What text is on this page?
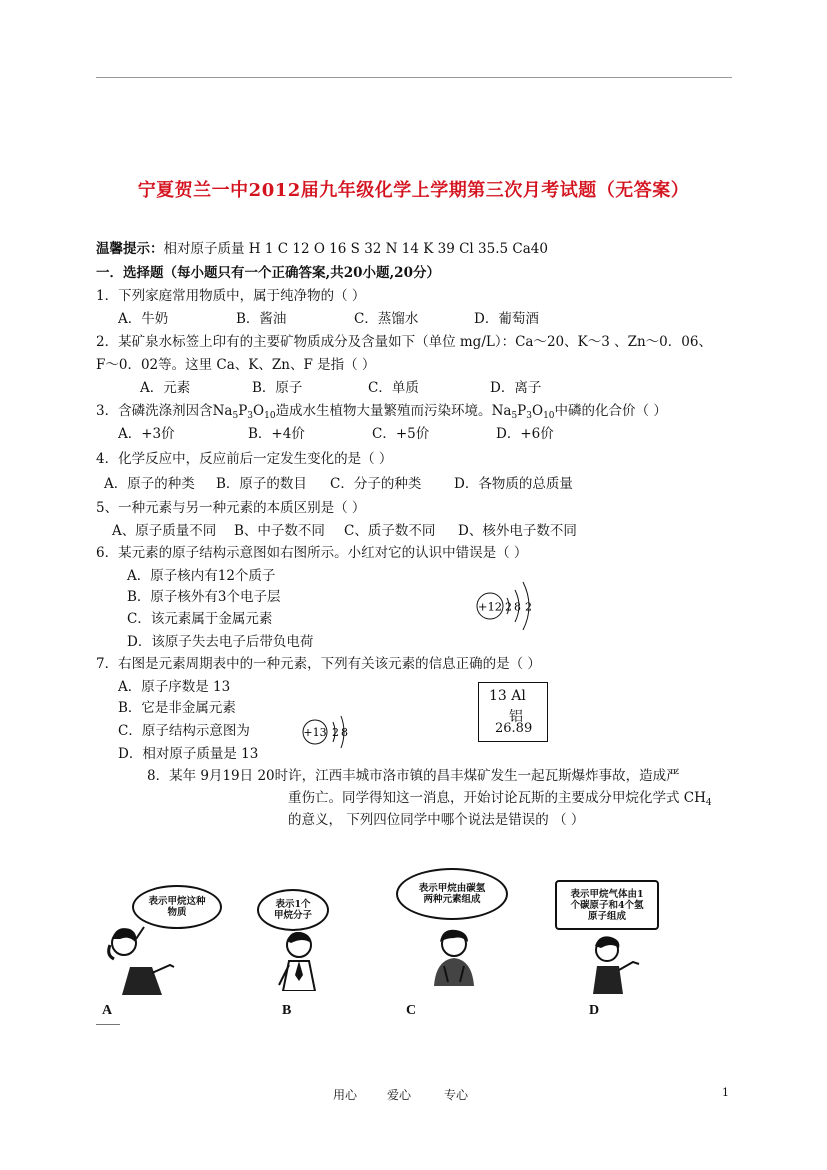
宁夏贺兰一中2012届九年级化学上学期第三次月考试题（无答案）
温馨提示：相对原子质量 H 1 C 12 O 16 S 32 N 14 K 39 Cl 35.5 Ca40
一．选择题（每小题只有一个正确答案,共20小题,20分）
1．下列家庭常用物质中，属于纯净物的（ ）
A．牛奶	B．酱油	C．蒸馏水	D．葡萄酒
2．某矿泉水标签上印有的主要矿物质成分及含量如下（单位 mg/L）：Ca～20、K～3 、Zn～0．06、
F～0．02等。这里 Ca、K、Zn、F 是指（ ）
A．元素	B．原子	C．单质	D．离子
3．含磷洗涤剂因含$Na_5P_3O_{10}$造成水生植物大量繁殖而污染环境。$Na_5P_3O_{10}$中磷的化合价（ ）
A．+3价	B．+4价	C．+5价	D．+6价
4．化学反应中，反应前后一定发生变化的是（ ）
A．原子的种类 B．原子的数目 C．分子的种类 D．各物质的总质量
5、一种元素与另一种元素的本质区别是（ ）
A、原子质量不同 B、中子数不同 C、质子数不同 D、核外电子数不同
6．某元素的原子结构示意图如右图所示。小红对它的认识中错误是（ ）
A．原子核内有12个质子
B．原子核外有3个电子层
C．该元素属于金属元素
D．该原子失去电子后带负电荷
+12 2 8 2
7．右图是元素周期表中的一种元素，下列有关该元素的信息正确的是（ ）
A．原子序数是 13
B．它是非金属元素
C．原子结构示意图为
D．相对原子质量是 13
13 Al
铝
26.89
+13 2 8
8．某年 9月19日 20时许，江西丰城市洛市镇的昌丰煤矿发生一起瓦斯爆炸事故，造成严
重伤亡。同学得知这一消息，开始讨论瓦斯的主要成分甲烷化学式 $CH_4$
的意义， 下列四位同学中哪个说法是错误的 （ ）
表示甲烷这种物质
表示1个甲烷分子
表示甲烷由碳氢两种元素组成	表示甲烷气体由1个碳原子和4个氢原子组成
A	B	C	D
用心 爱心	专心	1
